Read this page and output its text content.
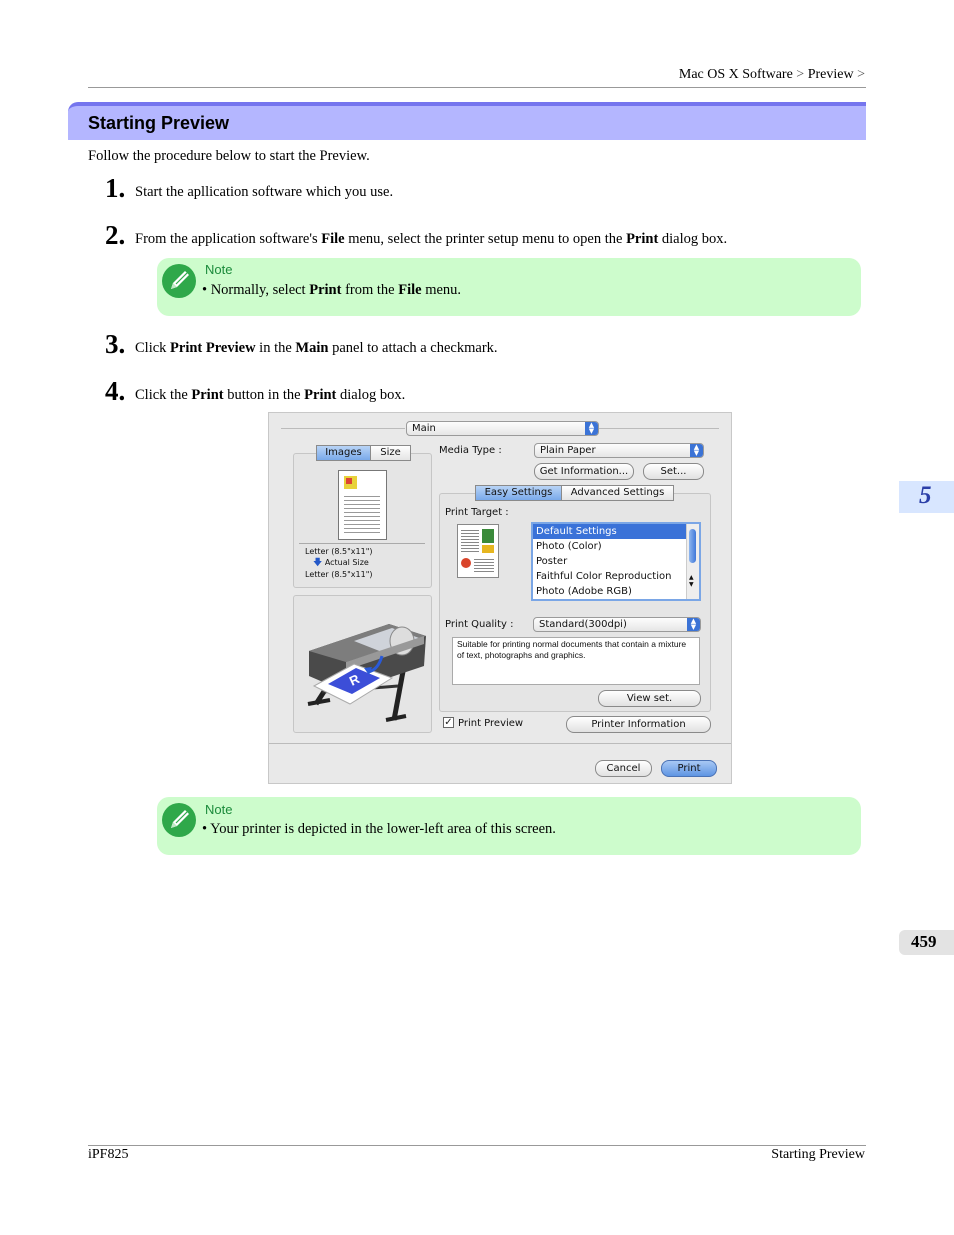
Mac OS X Software > Preview >
Starting Preview
Follow the procedure below to start the Preview.
1. Start the apllication software which you use.
2. From the application software's File menu, select the printer setup menu to open the Print dialog box.
Note
• Normally, select Print from the File menu.
3. Click Print Preview in the Main panel to attach a checkmark.
4. Click the Print button in the Print dialog box.
Main	▲
▼
Images	Size
Letter (8.5"x11")
🡇 Actual Size
Letter (8.5"x11")
R
Media Type :	Plain Paper	▲
▼
Get Information...	Set...
Easy Settings	Advanced Settings
Print Target :
Default Settings
Photo (Color)
Poster
Faithful Color Reproduction
Photo (Adobe RGB)
▲
▼
Print Quality :	Standard(300dpi)	▲
▼
Suitable for printing normal documents that contain a mixture of text, photographs and graphics.
View set.
✓ Print Preview	Printer Information
Cancel	Print
Note
• Your printer is depicted in the lower-left area of this screen.
5
459
iPF825	Starting Preview
